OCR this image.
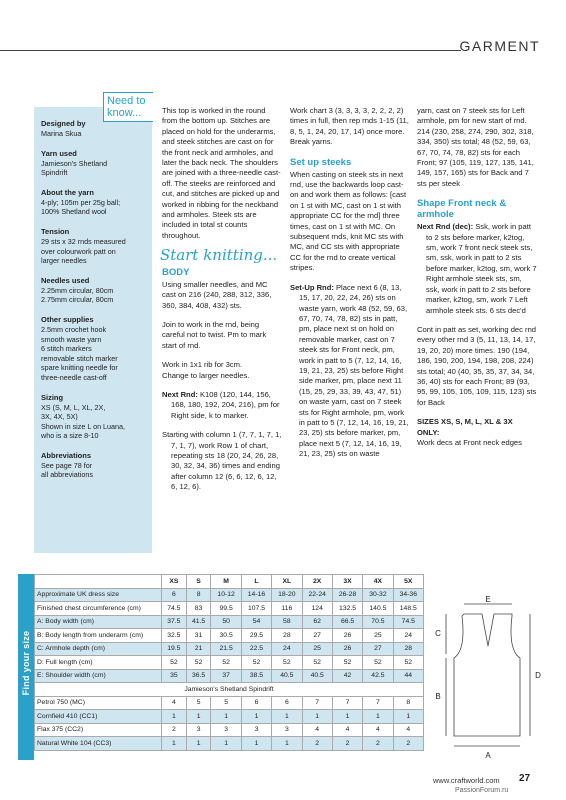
GARMENT
Designed by
Marina Skua
Yarn used
Jamieson's Shetland
Spindrift
About the yarn
4-ply; 105m per 25g ball;
100% Shetland wool
Tension
29 sts x 32 rnds measured
over colourwork patt on
larger needles
Needles used
2.25mm circular, 80cm
2.75mm circular, 80cm
Other supplies
2.5mm crochet hook
smooth waste yarn
6 stitch markers
removable stitch marker
spare knitting needle for
three-needle cast-off
Sizing
XS (S, M, L, XL, 2X,
3X, 4X, 5X)
Shown in size L on Luana,
who is a size 8-10
Abbreviations
See page 78 for
all abbreviations
Need to know...	This top is worked in the round from the bottom up. Stitches are placed on hold for the underarms, and steek stitches are cast on for the front neck and armholes, and later the back neck. The shoulders are joined with a three-needle cast-off. The steeks are reinforced and cut, and stitches are picked up and worked in ribbing for the neckband and armholes. Steek sts are included in total st counts throughout.

Start knitting...
BODY

Using smaller needles, and MC cast on 216 (240, 288, 312, 336, 360, 384, 408, 432) sts.

Join to work in the rnd, being careful not to twist. Pm to mark start of rnd.

Work in 1x1 rib for 3cm.

Change to larger needles.

Next Rnd: K108 (120, 144, 156, 168, 180, 192, 204, 216), pm for Right side, k to marker.

Starting with column 1 (7, 7, 1, 7, 1, 7, 1, 7), work Row 1 of chart, repeating sts 18 (20, 24, 26, 28, 30, 32, 34, 36) times and ending after column 12 (6, 6, 12, 6, 12, 6, 12, 6).

Work chart 3 (3, 3, 3, 3, 2, 2, 2, 2) times in full, then rep rnds 1-15 (11, 8, 5, 1, 24, 20, 17, 14) once more. Break yarns.

Set up steeks

When casting on steek sts in next rnd, use the backwards loop cast-on and work them as follows: [cast on 1 st with MC, cast on 1 st with appropriate CC for the rnd] three times, cast on 1 st with MC. On subsequent rnds, knit MC sts with MC, and CC sts with appropriate CC for the rnd to create vertical stripes.

Set-Up Rnd: Place next 6 (8, 13, 15, 17, 20, 22, 24, 26) sts on waste yarn, work 48 (52, 59, 63, 67, 70, 74, 78, 82) sts in patt, pm, place next st on hold on removable marker, cast on 7 steek sts for Front neck, pm, work in patt to 5 (7, 12, 14, 16, 19, 21, 23, 25) sts before Right side marker, pm, place next 11 (15, 25, 29, 33, 39, 43, 47, 51) on waste yarn, cast on 7 steek sts for Right armhole, pm, work in patt to 5 (7, 12, 14, 16, 19, 21, 23, 25) sts before marker, pm, place next 5 (7, 12, 14, 16, 19, 21, 23, 25) sts on waste

yarn, cast on 7 steek sts for Left armhole, pm for new start of rnd. 214 (230, 258, 274, 290, 302, 318, 334, 350) sts total; 48 (52, 59, 63, 67, 70, 74, 78, 82) sts for each Front; 97 (105, 119, 127, 135, 141, 149, 157, 165) sts for Back and 7 sts per steek

Shape Front neck & armhole

Next Rnd (dec): Ssk, work in patt to 2 sts before marker, k2tog, sm, work 7 front neck steek sts, sm, ssk, work in patt to 2 sts before marker, k2tog, sm, work 7 Right armhole steek sts, sm, ssk, work in patt to 2 sts before marker, k2tog, sm, work 7 Left armhole steek sts. 6 sts dec'd

Cont in patt as set, working dec rnd every other rnd 3 (5, 11, 13, 14, 17, 19, 20, 20) more times. 190 (194, 186, 190, 200, 194, 198, 208, 224) sts total; 40 (40, 35, 35, 37, 34, 34, 36, 40) sts for each Front; 89 (93, 95, 99, 105, 105, 109, 115, 123) sts for Back

SIZES XS, S, M, L, XL & 3X ONLY:

Work decs at Front neck edges

Find your size
	XS	S	M	L	XL	2X	3X	4X	5X
Approximate UK dress size	6	8	10-12	14-16	18-20	22-24	26-28	30-32	34-36
Finished chest circumference (cm)	74.5	83	99.5	107.5	116	124	132.5	140.5	148.5
A: Body width (cm)	37.5	41.5	50	54	58	62	66.5	70.5	74.5
B: Body length from underarm (cm)	32.5	31	30.5	29.5	28	27	26	25	24
C: Armhole depth (cm)	19.5	21	21.5	22.5	24	25	26	27	28
D: Full length (cm)	52	52	52	52	52	52	52	52	52
E: Shoulder width (cm)	35	36.5	37	38.5	40.5	40.5	42	42.5	44
Jamieson's Shetland Spindrift									
Petrol 750 (MC)	4	5	5	6	6	7	7	7	8
Cornfield 410 (CC1)	1	1	1	1	1	1	1	1	1
Flax 375 (CC2)	2	3	3	3	3	4	4	4	4
Natural White 104 (CC3)	1	1	1	1	1	2	2	2	2
E
C
D
B
A
www.craftworld.com 27
PassionForum.ru
